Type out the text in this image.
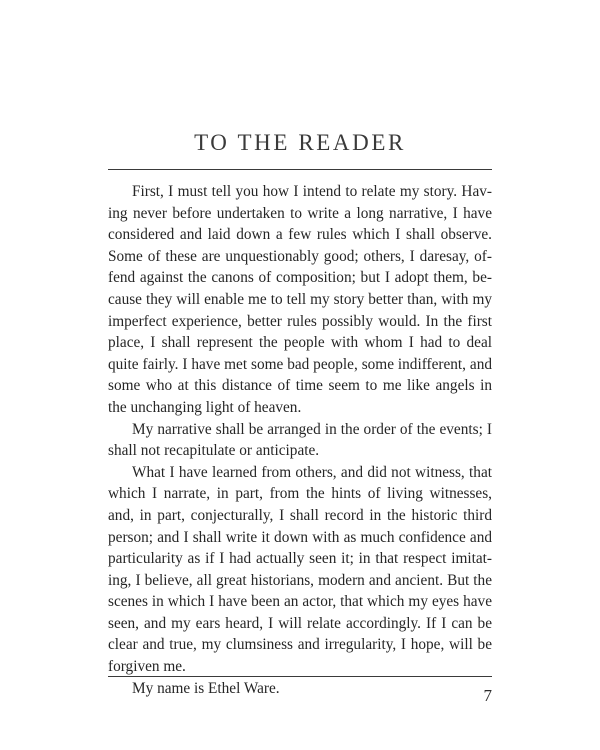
TO THE READER

First, I must tell you how I intend to relate my story. Having never before undertaken to write a long narrative, I have considered and laid down a few rules which I shall observe. Some of these are unquestionably good; others, I daresay, offend against the canons of composition; but I adopt them, because they will enable me to tell my story better than, with my imperfect experience, better rules possibly would. In the first place, I shall represent the people with whom I had to deal quite fairly. I have met some bad people, some indifferent, and some who at this distance of time seem to me like angels in the unchanging light of heaven.

My narrative shall be arranged in the order of the events; I shall not recapitulate or anticipate.

What I have learned from others, and did not witness, that which I narrate, in part, from the hints of living witnesses, and, in part, conjecturally, I shall record in the historic third person; and I shall write it down with as much confidence and particularity as if I had actually seen it; in that respect imitating, I believe, all great historians, modern and ancient. But the scenes in which I have been an actor, that which my eyes have seen, and my ears heard, I will relate accordingly. If I can be clear and true, my clumsiness and irregularity, I hope, will be forgiven me.

My name is Ethel Ware.	7
